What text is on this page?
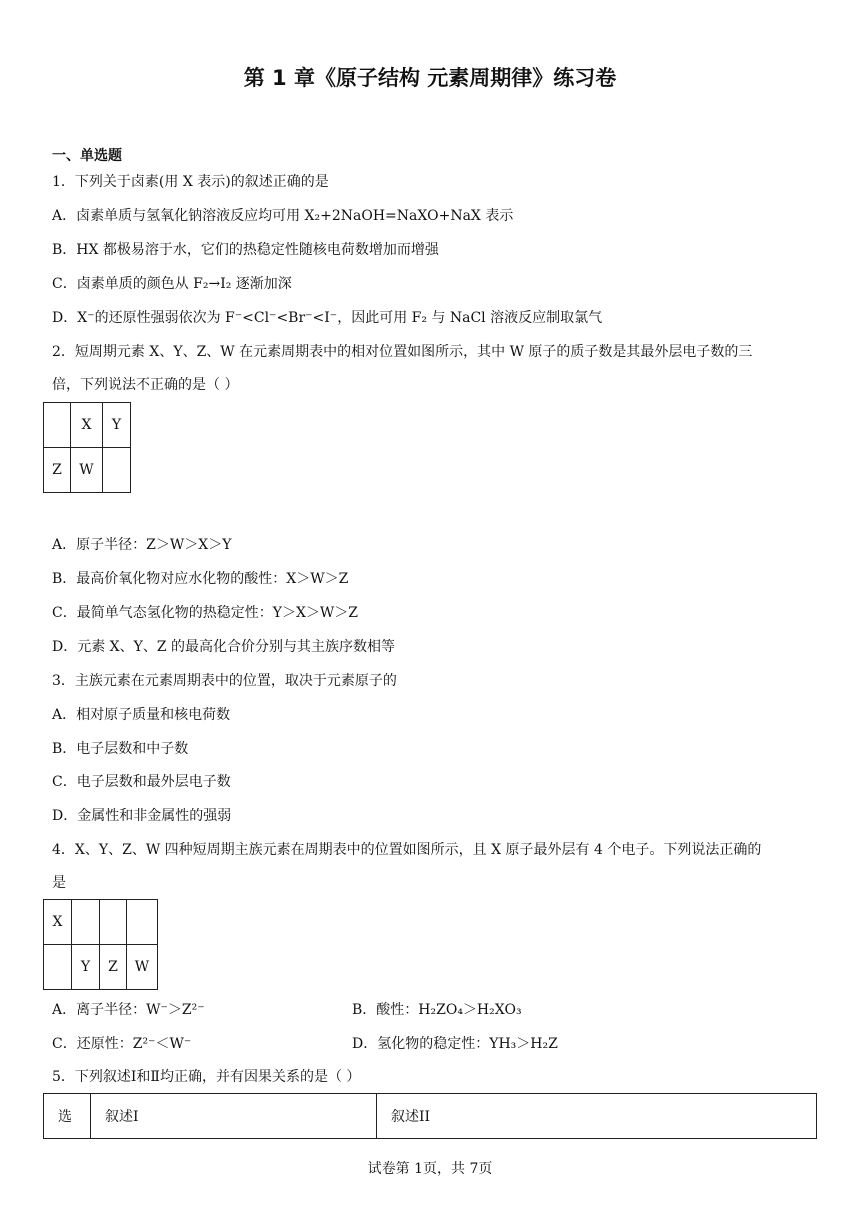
第 1 章《原子结构 元素周期律》练习卷
一、单选题
1．下列关于卤素(用 X 表示)的叙述正确的是
A．卤素单质与氢氧化钠溶液反应均可用 X₂+2NaOH=NaXO+NaX 表示
B．HX 都极易溶于水，它们的热稳定性随核电荷数增加而增强
C．卤素单质的颜色从 F₂→I₂ 逐渐加深
D．X⁻的还原性强弱依次为 F⁻<Cl⁻<Br⁻<I⁻，因此可用 F₂ 与 NaCl 溶液反应制取氯气
2．短周期元素 X、Y、Z、W 在元素周期表中的相对位置如图所示，其中 W 原子的质子数是其最外层电子数的三
倍，下列说法不正确的是（ ）
	X	Y
Z	W	
A．原子半径：Z＞W＞X＞Y
B．最高价氧化物对应水化物的酸性：X＞W＞Z
C．最简单气态氢化物的热稳定性：Y＞X＞W＞Z
D．元素 X、Y、Z 的最高化合价分别与其主族序数相等
3．主族元素在元素周期表中的位置，取决于元素原子的
A．相对原子质量和核电荷数
B．电子层数和中子数
C．电子层数和最外层电子数
D．金属性和非金属性的强弱
4．X、Y、Z、W 四种短周期主族元素在周期表中的位置如图所示，且 X 原子最外层有 4 个电子。下列说法正确的
是
X			
	Y	Z	W
A．离子半径：W⁻＞Z²⁻	B．酸性：H₂ZO₄＞H₂XO₃
C．还原性：Z²⁻＜W⁻	D．氢化物的稳定性：YH₃＞H₂Z
5．下列叙述Ⅰ和Ⅱ均正确，并有因果关系的是（ ）
选	叙述I	叙述II
试卷第 1页，共 7页
